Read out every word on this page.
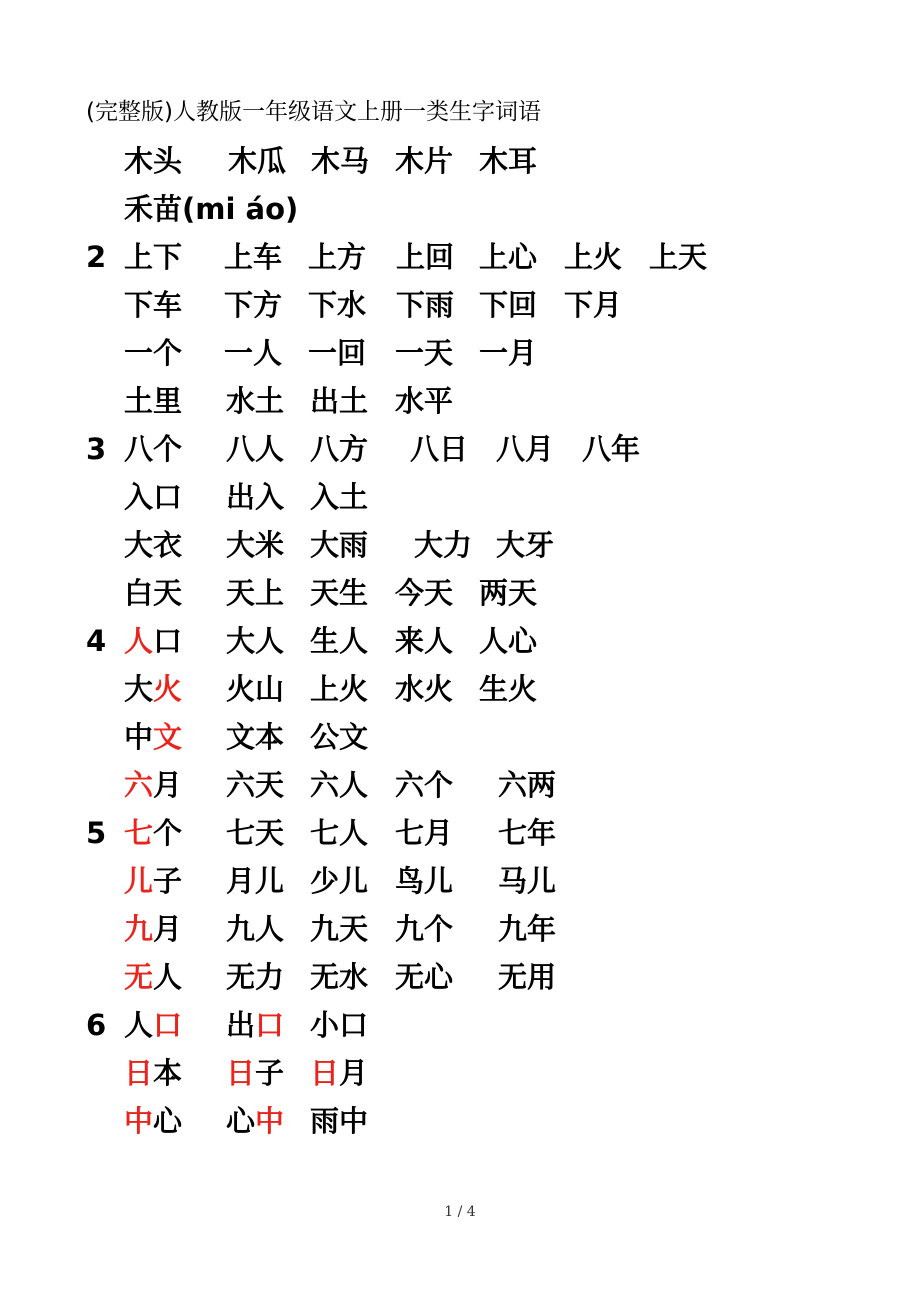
(完整版)人教版一年级语文上册一类生字词语
木头 木瓜 木马 木片 木耳
禾苗(mi áo)
2 上下 上车 上方 上回 上心 上火 上天
下车 下方 下水 下雨 下回 下月
一个 一人 一回 一天 一月
土里 水土 出土 水平
3 八个 八人 八方 八日 八月 八年
入口 出入 入土
大衣 大米 大雨 大力 大牙
白天 天上 天生 今天 两天
4 人口 大人 生人 来人 人心
大火 火山 上火 水火 生火
中文 文本 公文
六月 六天 六人 六个 六两
5 七个 七天 七人 七月 七年
儿子 月儿 少儿 鸟儿 马儿
九月 九人 九天 九个 九年
无人 无力 无水 无心 无用
6 人口 出口 小口
日本 日子 日月
中心 心中 雨中
1 / 4
